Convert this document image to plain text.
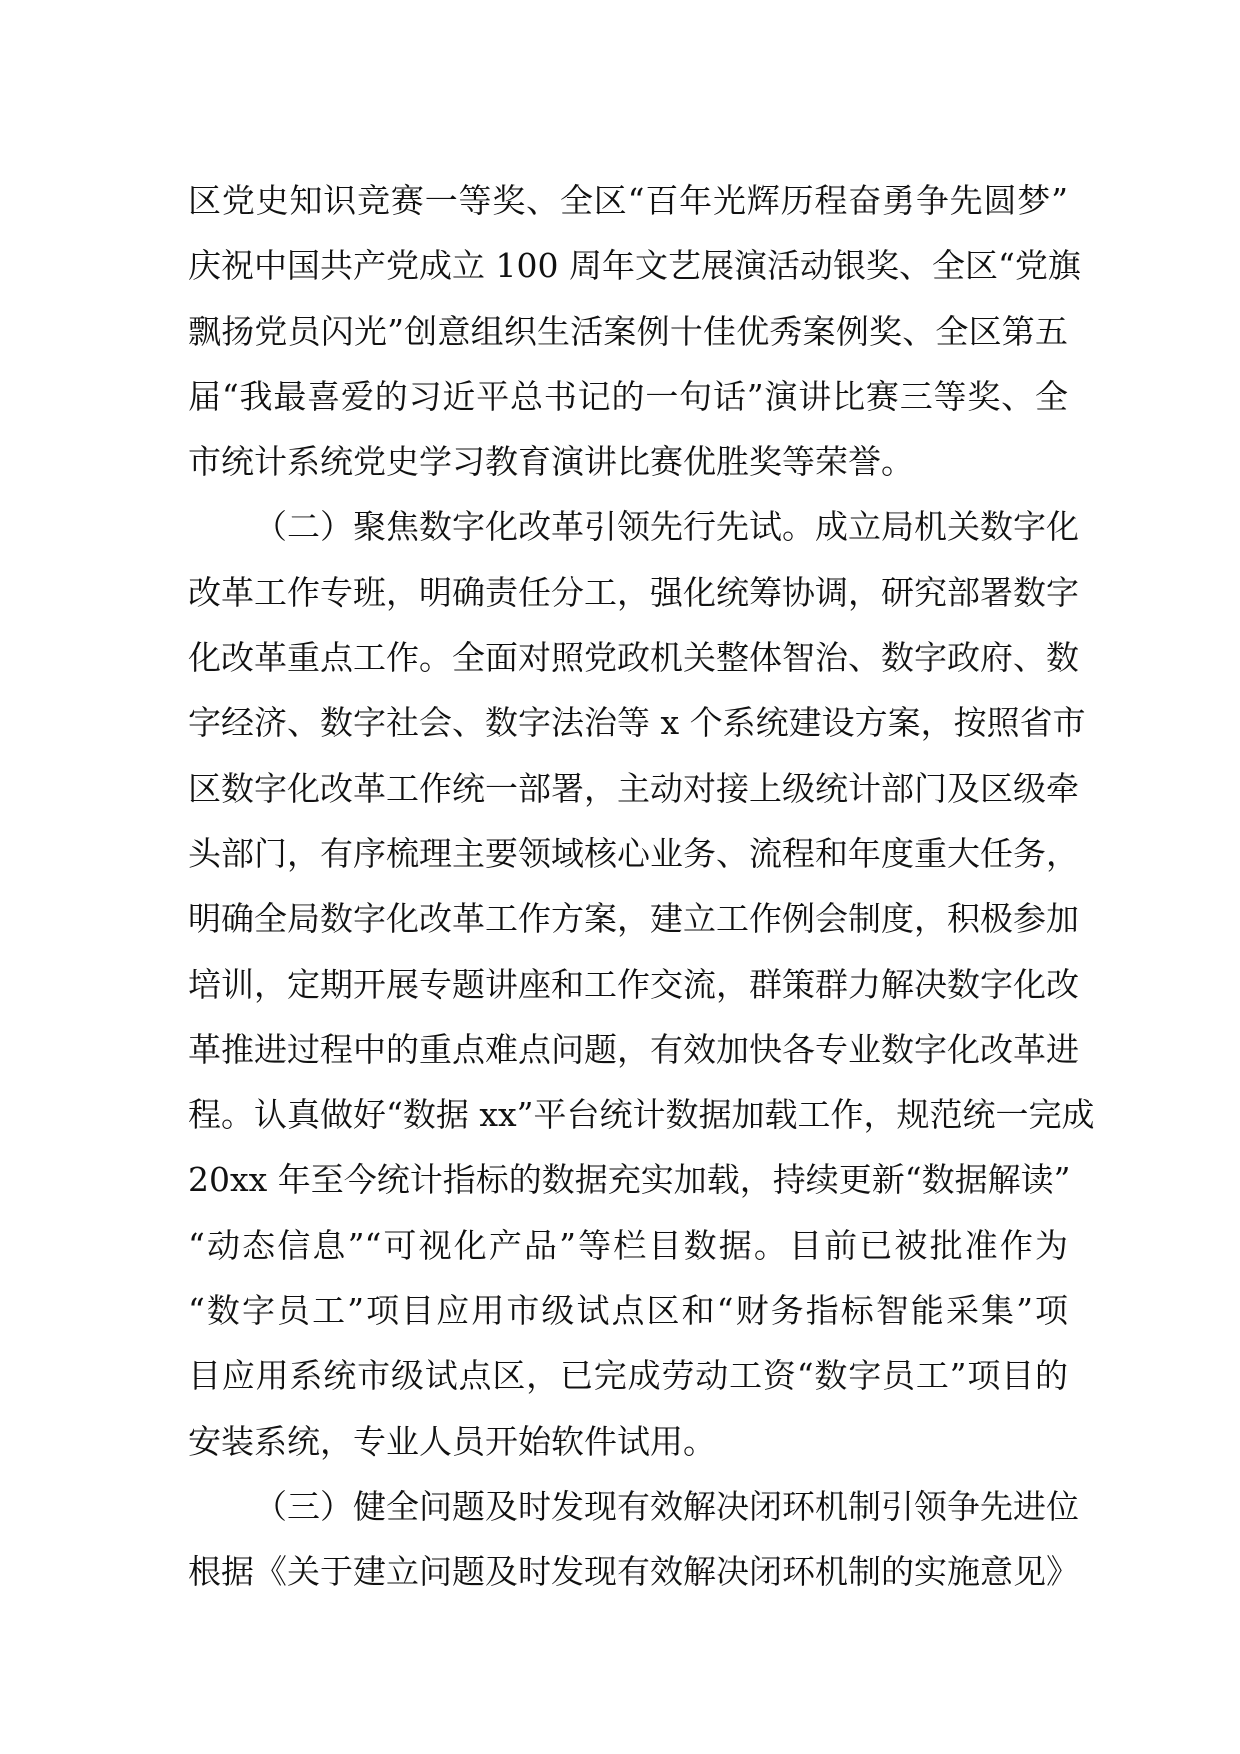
区党史知识竞赛一等奖、全区“百年光辉历程奋勇争先圆梦”
庆祝中国共产党成立 100 周年文艺展演活动银奖、全区“党旗
飘扬党员闪光”创意组织生活案例十佳优秀案例奖、全区第五
届“我最喜爱的习近平总书记的一句话”演讲比赛三等奖、全
市统计系统党史学习教育演讲比赛优胜奖等荣誉。
（二）聚焦数字化改革引领先行先试。成立局机关数字化
改革工作专班，明确责任分工，强化统筹协调，研究部署数字
化改革重点工作。全面对照党政机关整体智治、数字政府、数
字经济、数字社会、数字法治等 x 个系统建设方案，按照省市
区数字化改革工作统一部署，主动对接上级统计部门及区级牵
头部门，有序梳理主要领域核心业务、流程和年度重大任务，
明确全局数字化改革工作方案，建立工作例会制度，积极参加
培训，定期开展专题讲座和工作交流，群策群力解决数字化改
革推进过程中的重点难点问题，有效加快各专业数字化改革进
程。认真做好“数据 xx”平台统计数据加载工作，规范统一完成
20xx 年至今统计指标的数据充实加载，持续更新“数据解读”
“动态信息”“可视化产品”等栏目数据。目前已被批准作为
“数字员工”项目应用市级试点区和“财务指标智能采集”项
目应用系统市级试点区，已完成劳动工资“数字员工”项目的
安装系统，专业人员开始软件试用。
（三）健全问题及时发现有效解决闭环机制引领争先进位
根据《关于建立问题及时发现有效解决闭环机制的实施意见》
